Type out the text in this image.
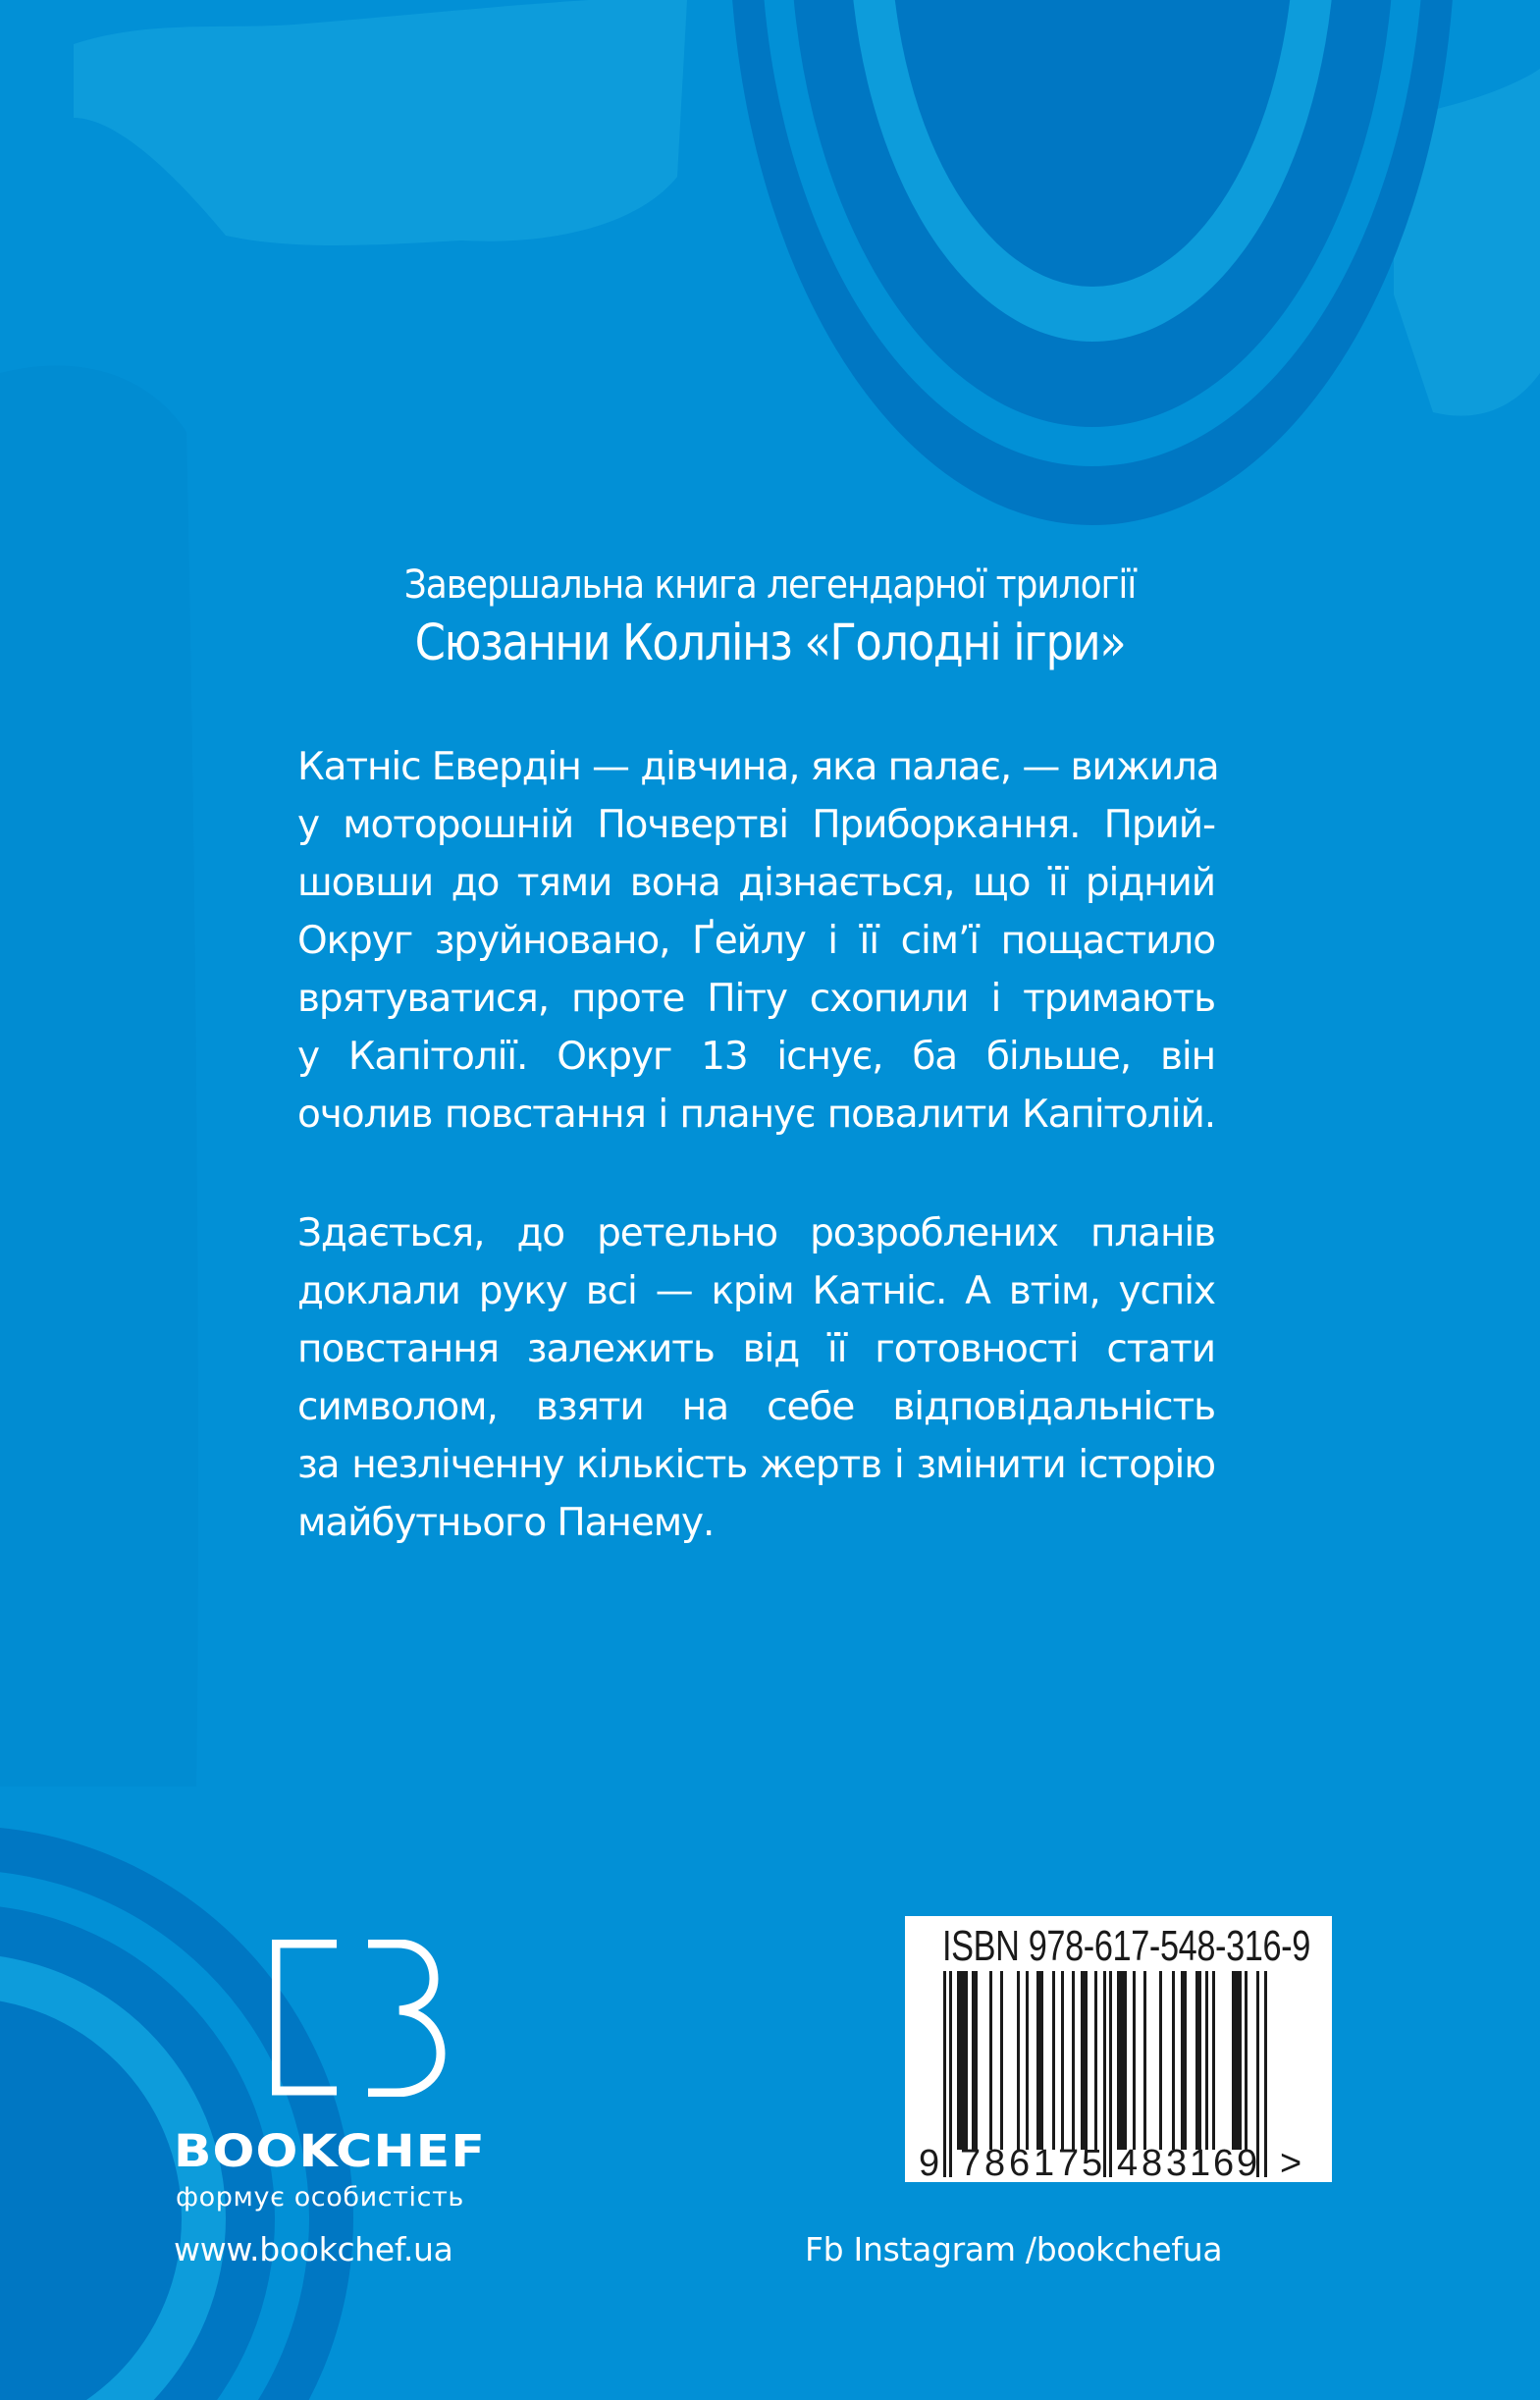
Завершальна книга легендарної трилогії
Сюзанни Коллінз «Голодні ігри»

Катніс Евердін — дівчина, яка палає, — вижила
у моторошній Почвертві Приборкання. Прий-
шовши до тями вона дізнається, що її рідний
Округ зруйновано, Ґейлу і її сім’ї пощастило
врятуватися, проте Піту схопили і тримають
у Капітолії. Округ 13 існує, ба більше, він
очолив повстання і планує повалити Капітолій.

Здається, до ретельно розроблених планів
доклали руку всі — крім Катніс. А втім, успіх
повстання залежить від її готовності стати
символом, взяти на себе відповідальність
за незліченну кількість жертв і змінити історію
майбутнього Панему.

BOOKCHEF
формує особистість
www.bookchef.ua	Fb Instagram /bookchefua
ISBN 978-617-548-316-9
9 7 8 6 1 7 5 4 8 3 1 6 9 >
